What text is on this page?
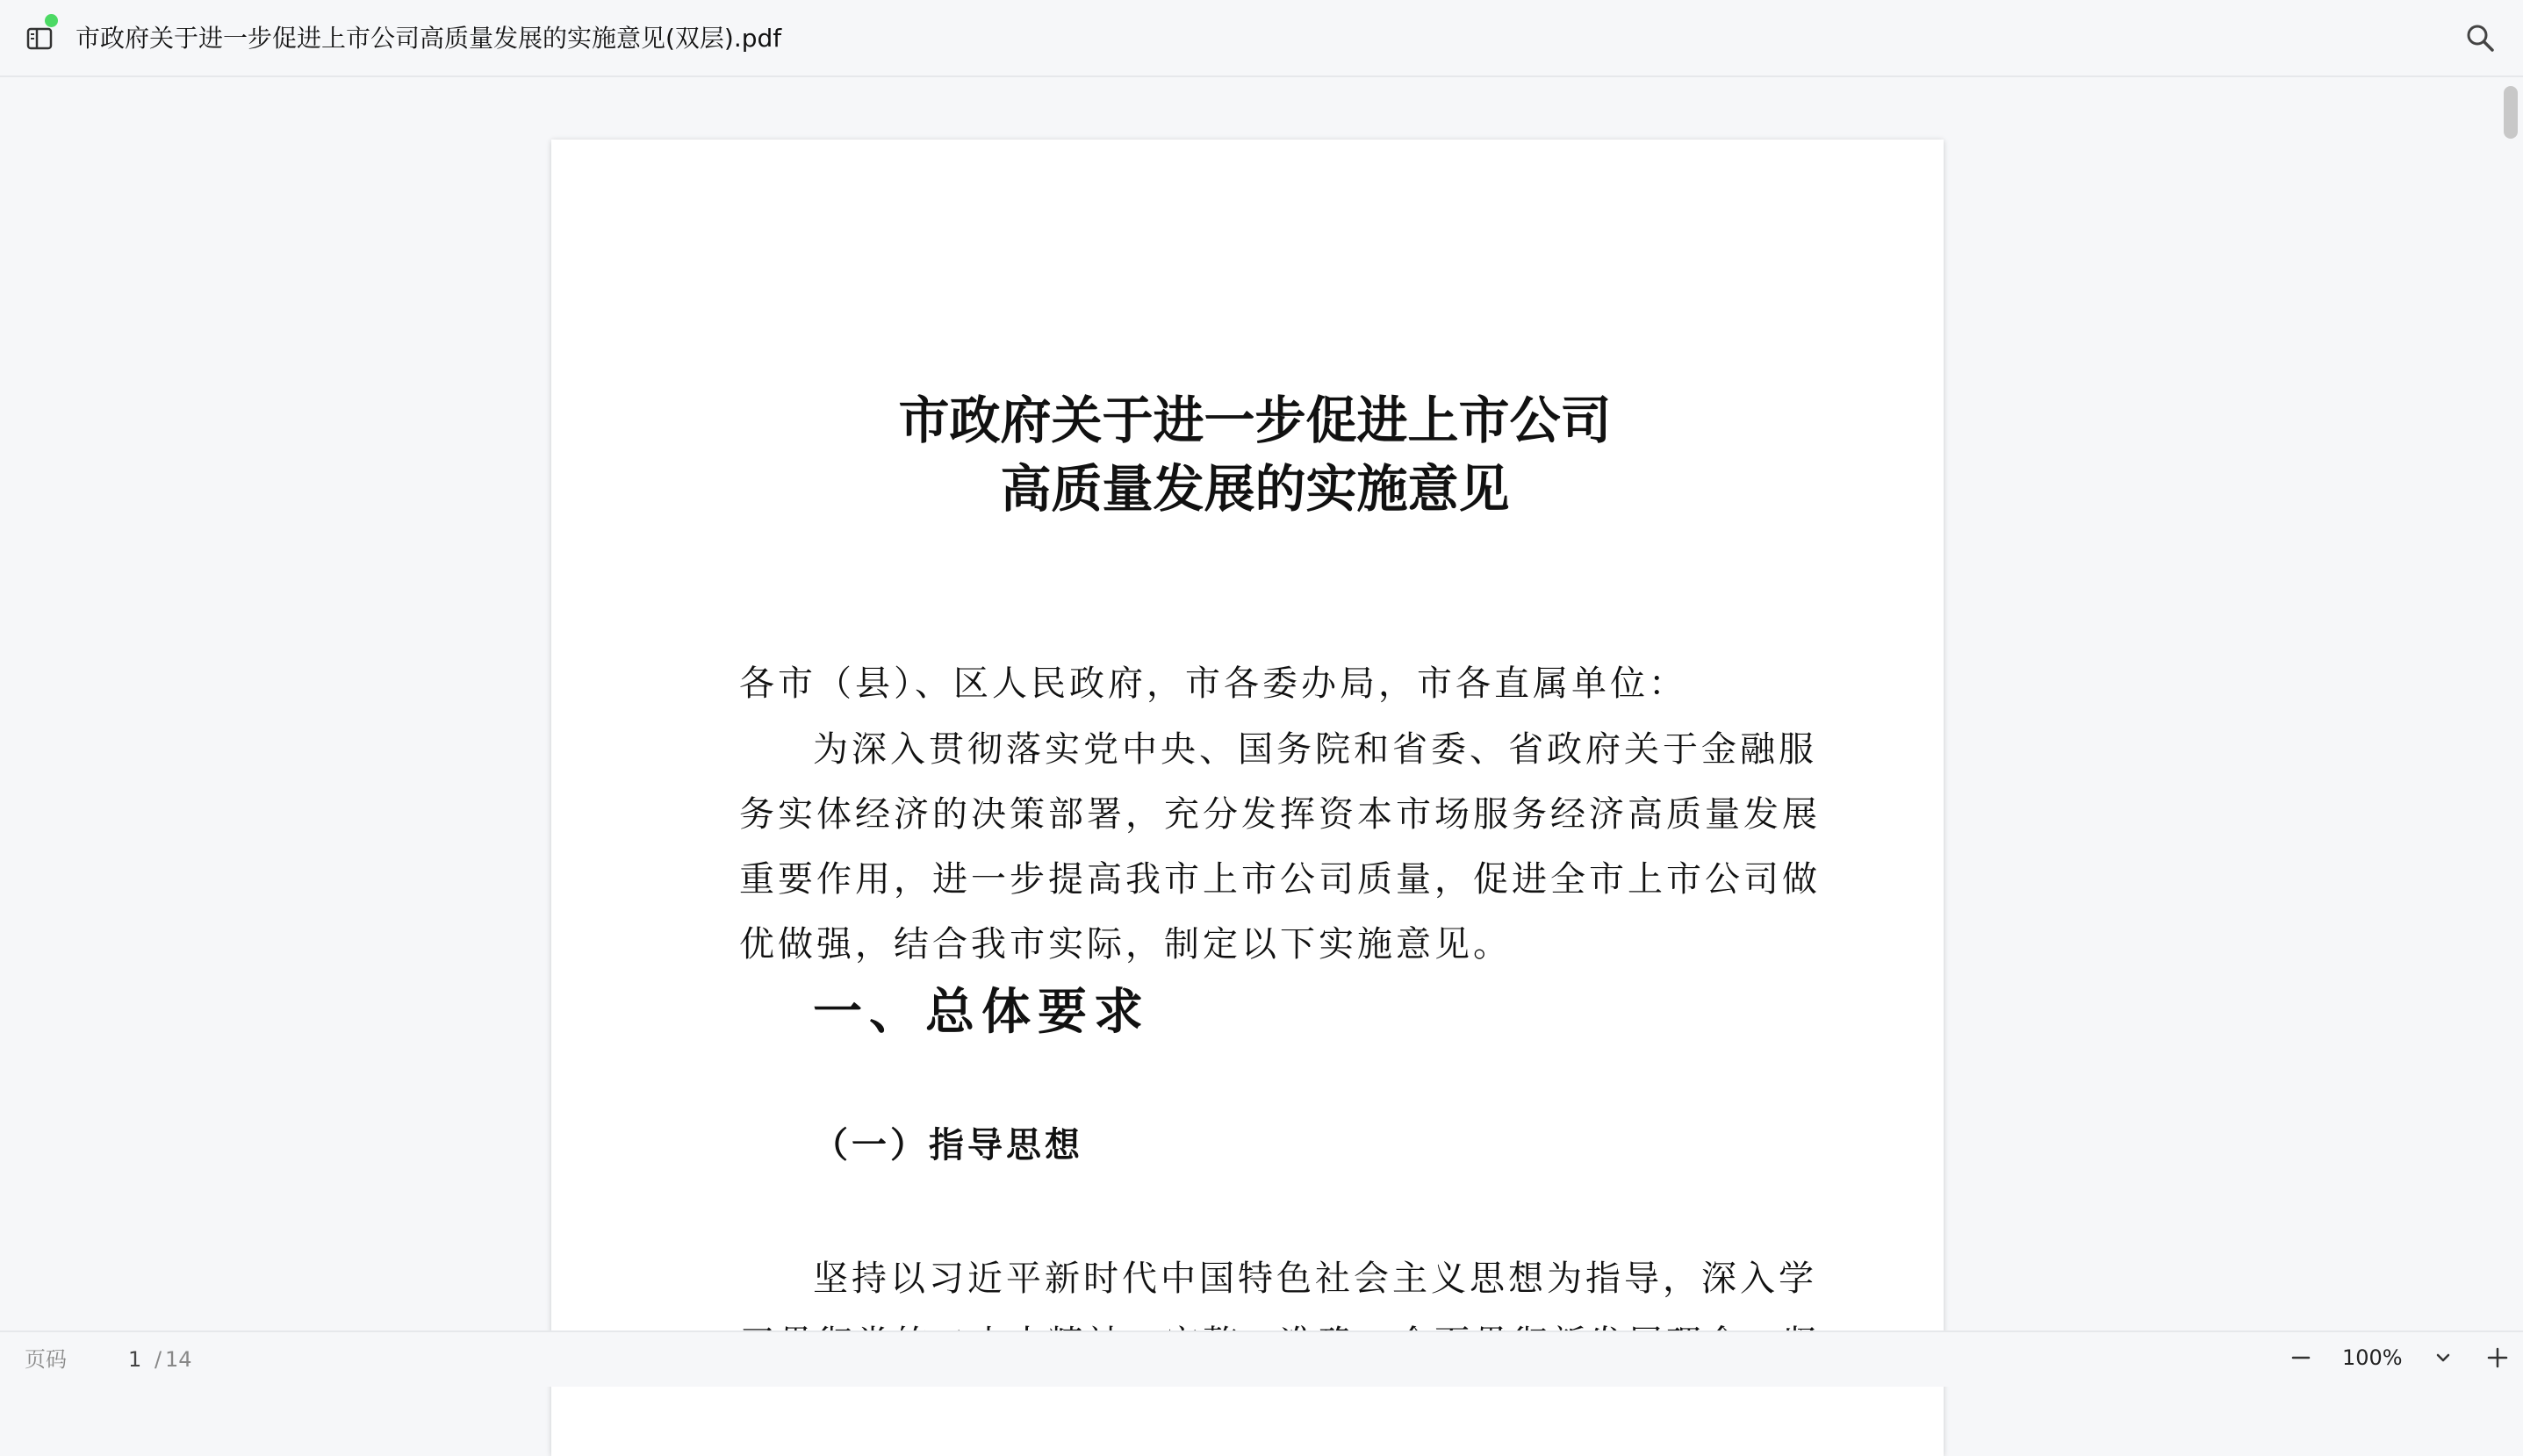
市政府关于进一步促进上市公司高质量发展的实施意见(双层).pdf
市政府关于进一步促进上市公司
高质量发展的实施意见
各市（县）、区人民政府，市各委办局，市各直属单位：
为深入贯彻落实党中央、国务院和省委、省政府关于金融服
务实体经济的决策部署，充分发挥资本市场服务经济高质量发展
重要作用，进一步提高我市上市公司质量，促进全市上市公司做
优做强，结合我市实际，制定以下实施意见。
一、总体要求
（一）指导思想
坚持以习近平新时代中国特色社会主义思想为指导，深入学
页码	1 / 14	100%
